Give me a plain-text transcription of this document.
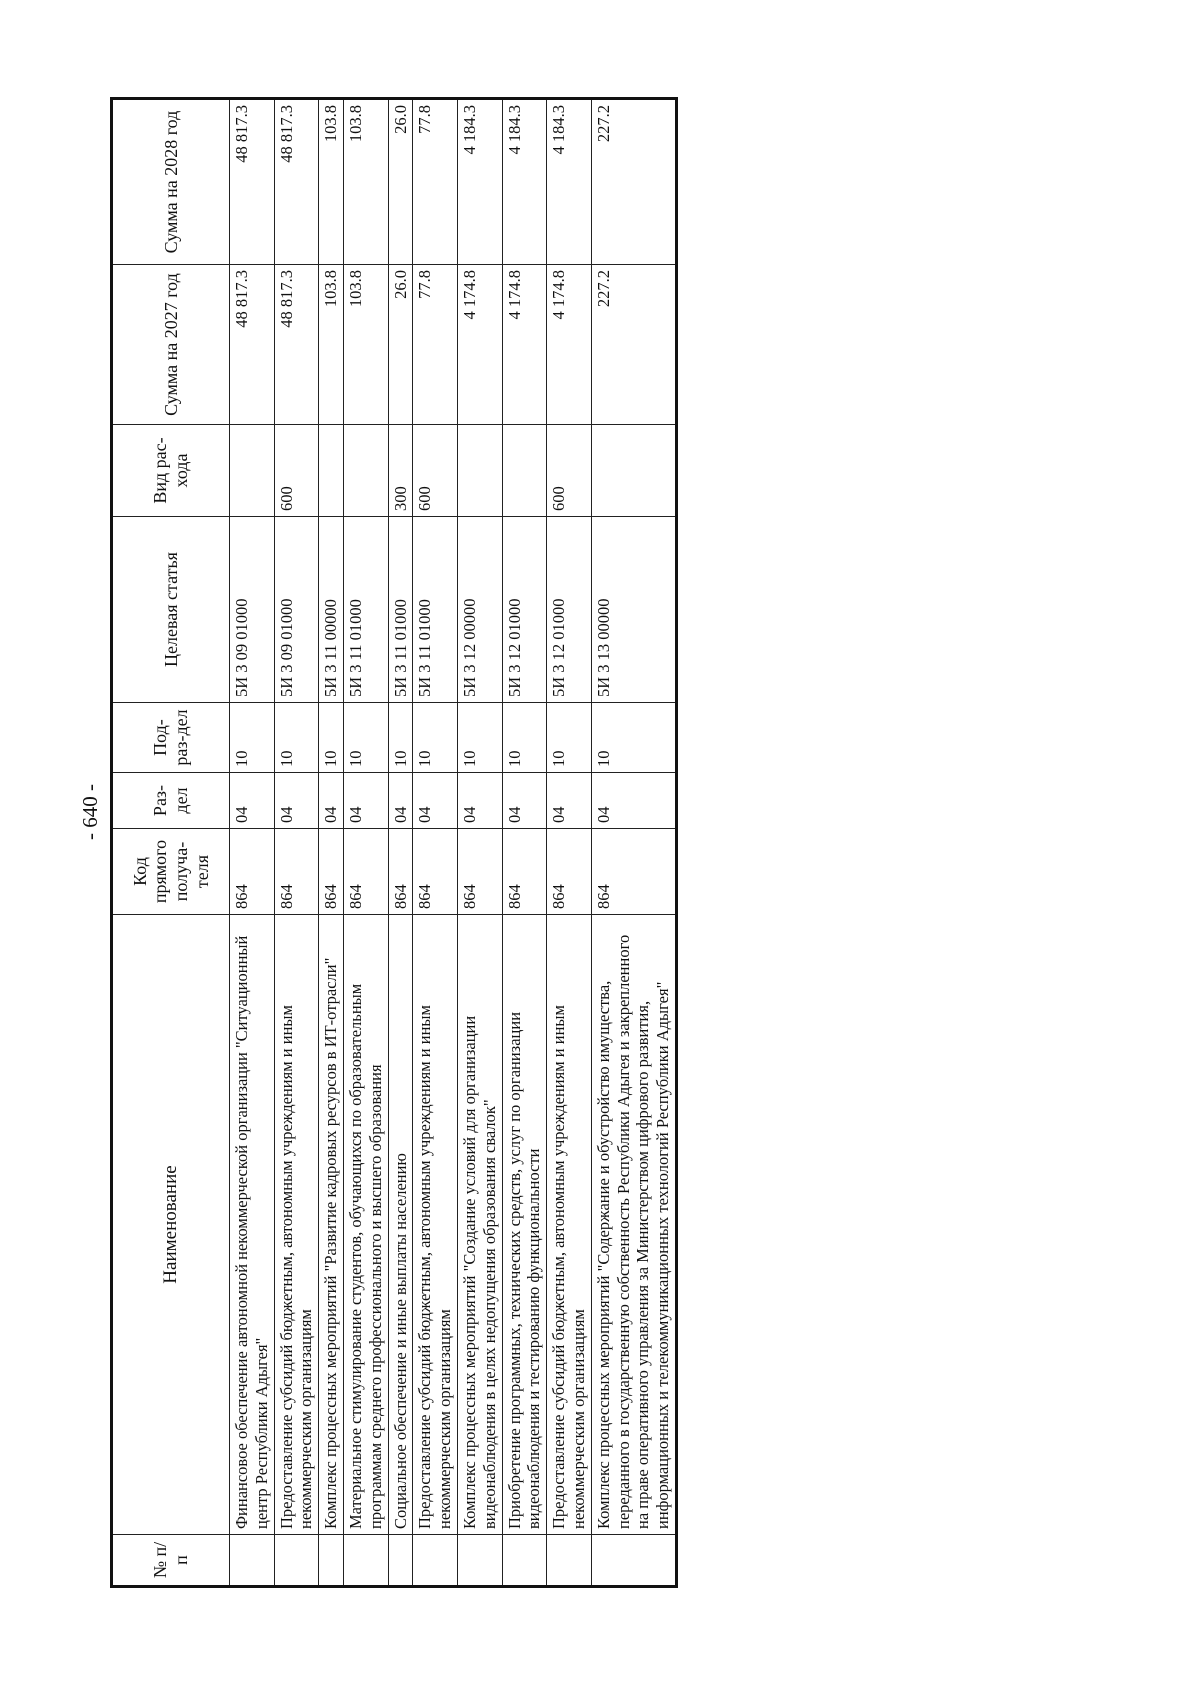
- 640 -
№ п/п	Наименование	Код прямого получа-теля	Раз-дел	Под-раз-дел	Целевая статья	Вид рас-хода	Сумма на 2027 год	Сумма на 2028 год
	Финансовое обеспечение автономной некоммерческой организации "Ситуационный центр Республики Адыгея"	864	04	10	5И 3 09 01000		48 817.3	48 817.3
	Предоставление субсидий бюджетным, автономным учреждениям и иным некоммерческим организациям	864	04	10	5И 3 09 01000	600	48 817.3	48 817.3
	Комплекс процессных мероприятий "Развитие кадровых ресурсов в ИТ-отрасли"	864	04	10	5И 3 11 00000		103.8	103.8
	Материальное стимулирование студентов, обучающихся по образовательным программам среднего профессионального и высшего образования	864	04	10	5И 3 11 01000		103.8	103.8
	Социальное обеспечение и иные выплаты населению	864	04	10	5И 3 11 01000	300	26.0	26.0
	Предоставление субсидий бюджетным, автономным учреждениям и иным некоммерческим организациям	864	04	10	5И 3 11 01000	600	77.8	77.8
	Комплекс процессных мероприятий "Создание условий для организации видеонаблюдения в целях недопущения образования свалок"	864	04	10	5И 3 12 00000		4 174.8	4 184.3
	Приобретение программных, технических средств, услуг по организации видеонаблюдения и тестированию функциональности	864	04	10	5И 3 12 01000		4 174.8	4 184.3
	Предоставление субсидий бюджетным, автономным учреждениям и иным некоммерческим организациям	864	04	10	5И 3 12 01000	600	4 174.8	4 184.3
	Комплекс процессных мероприятий "Содержание и обустройство имущества, переданного в государственную собственность Республики Адыгея и закрепленного на праве оперативного управления за Министерством цифрового развития, информационных и телекоммуникационных технологий Республики Адыгея"	864	04	10	5И 3 13 00000		227.2	227.2
